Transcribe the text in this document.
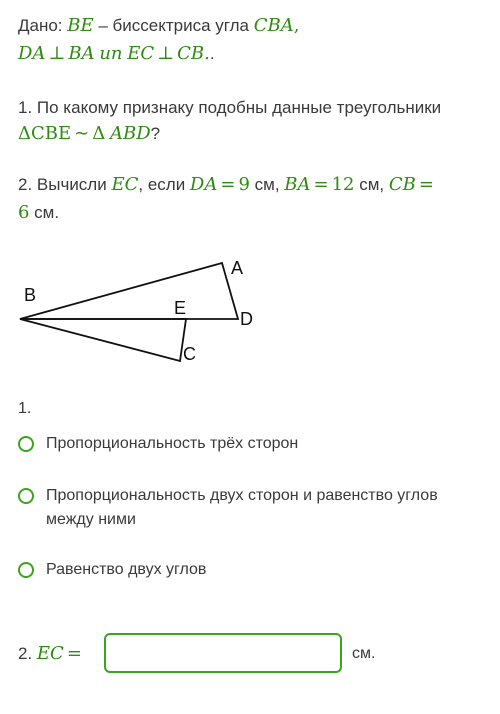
Дано: BE – биссектриса угла CBA,
DA ⊥ BA un EC ⊥ CB..
1. По какому признаку подобны данные треугольники
ΔCBE ∼ Δ ABD?
2. Вычисли EC, если DA = 9 см, BA = 12 см, CB =
6 см.
A
B
C
D
E
1.
Пропорциональность трёх сторон
Пропорциональность двух сторон и равенство углов между ними
Равенство двух углов
2. EC =	см.
